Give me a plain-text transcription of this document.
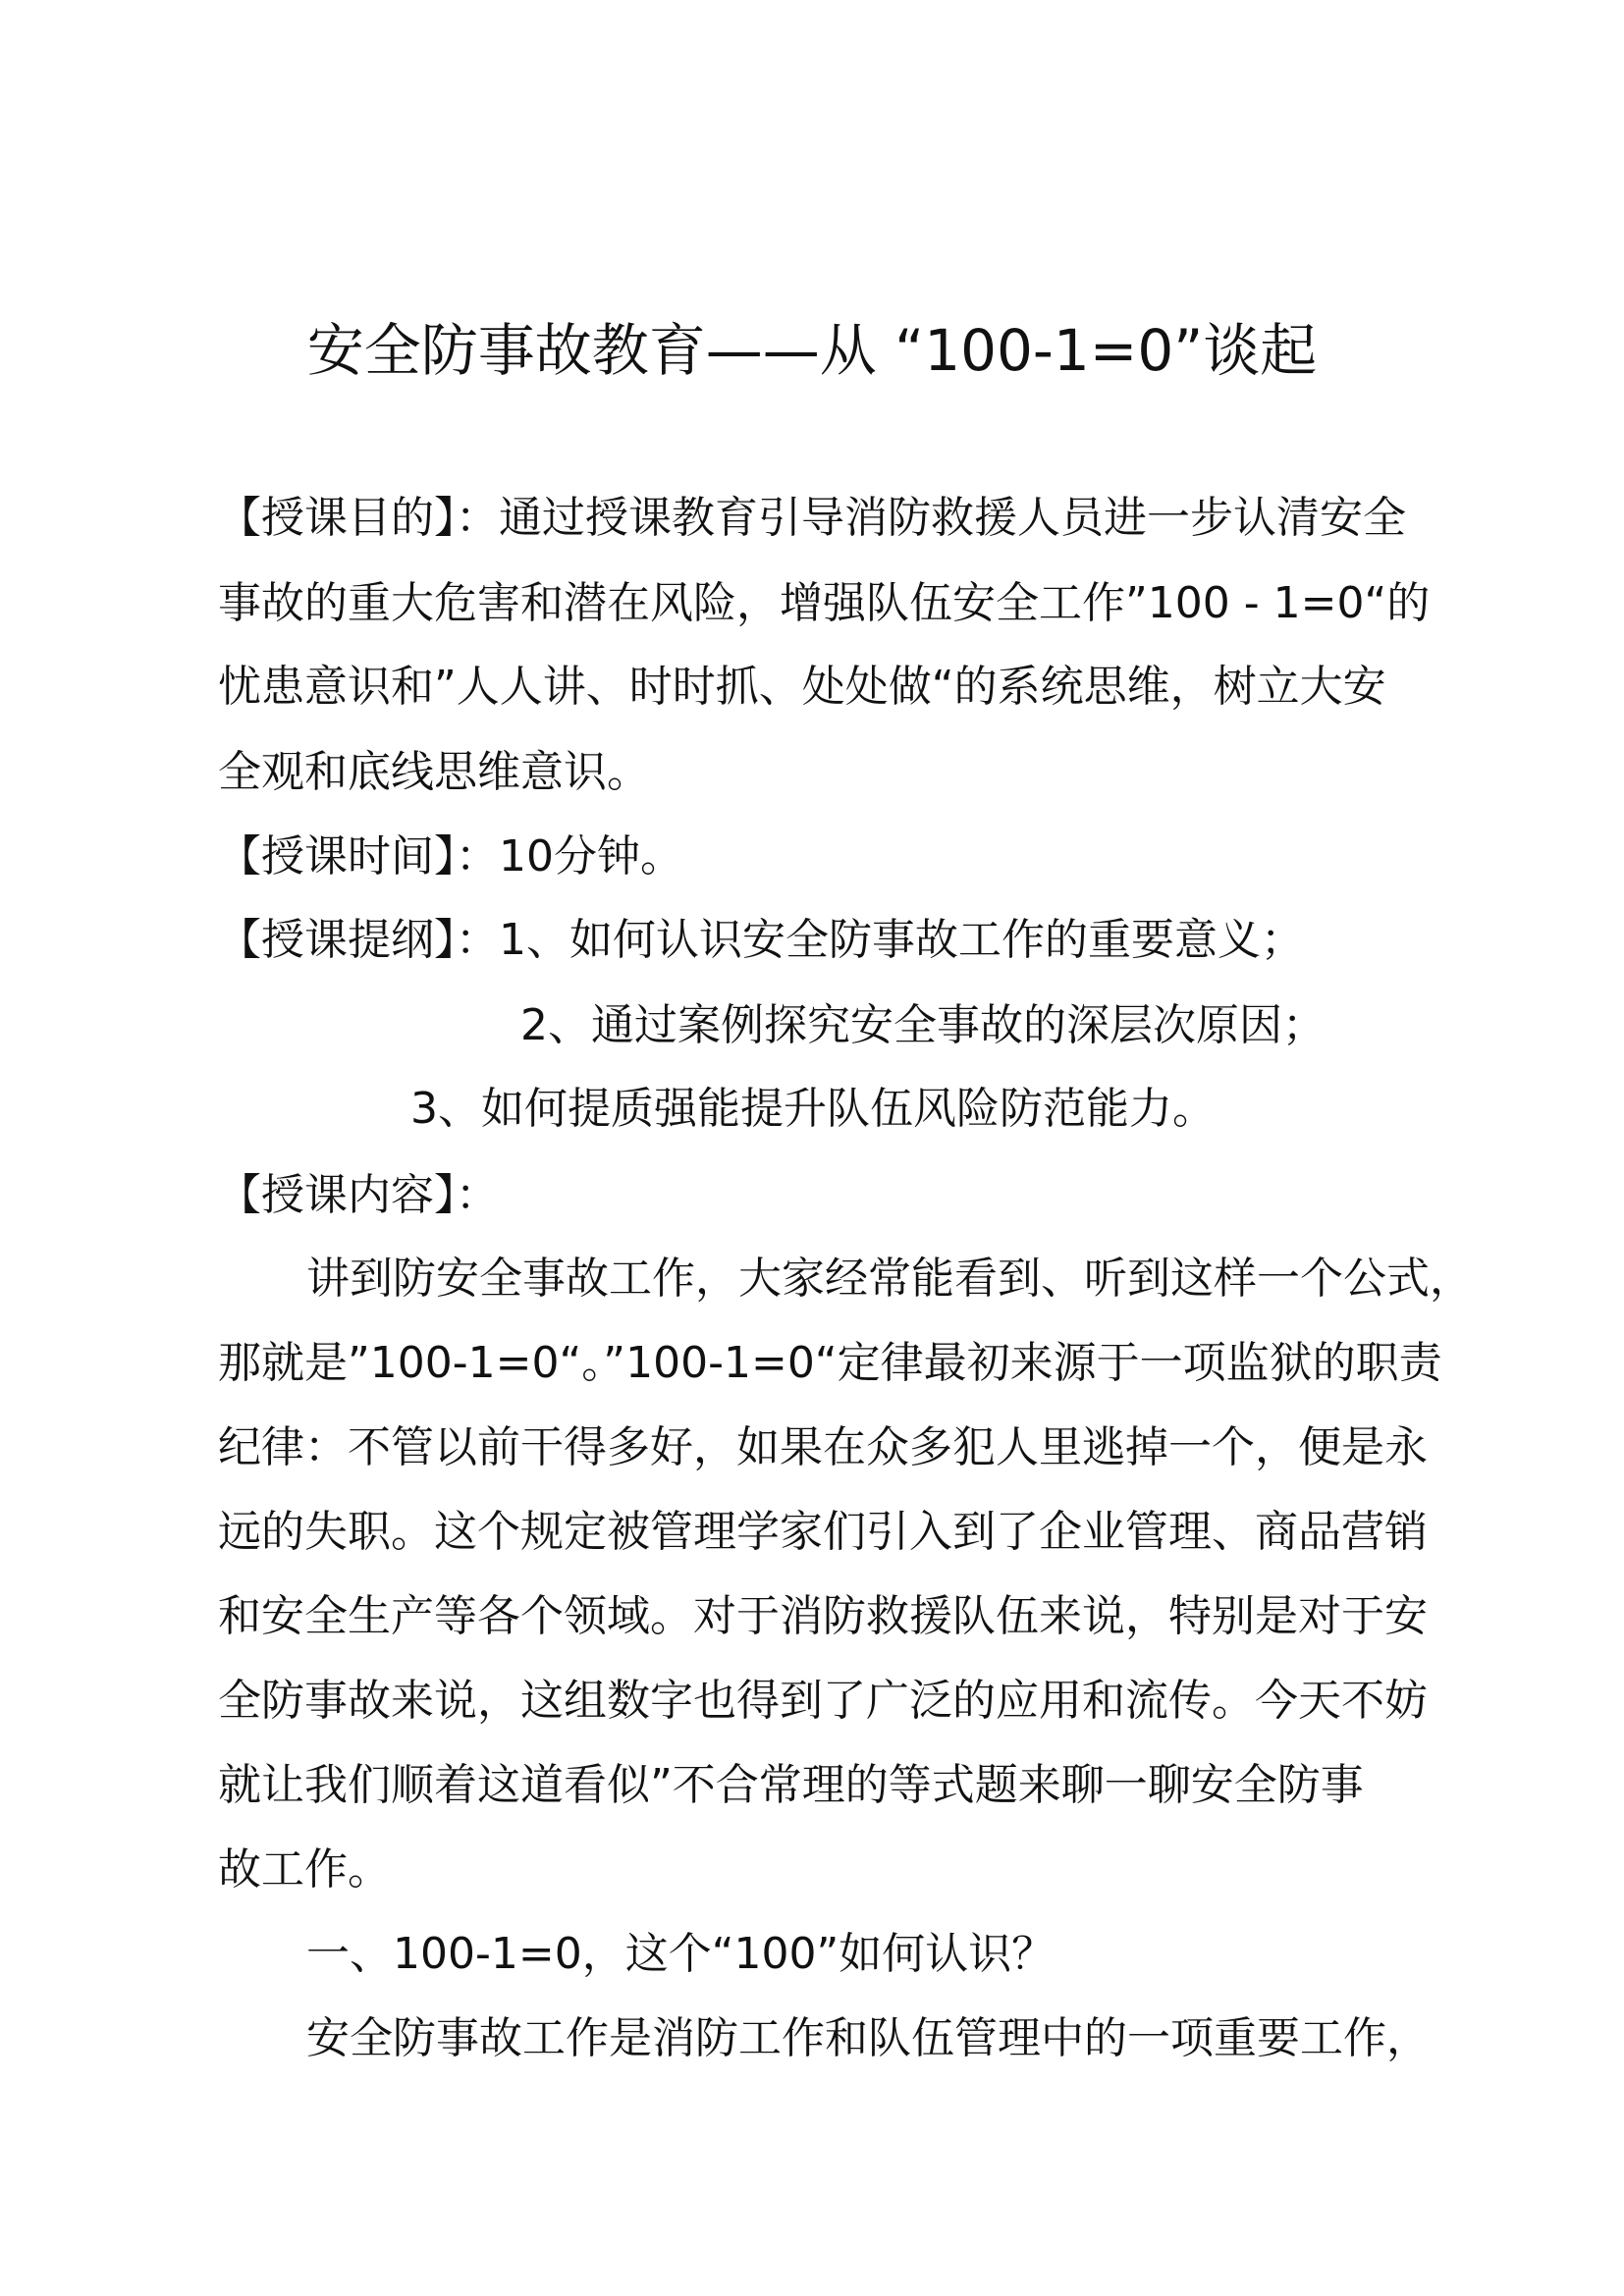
安全防事故教育——从 “100-1=0”谈起
【授课目的】：通过授课教育引导消防救援人员进一步认清安全
事故的重大危害和潜在风险，增强队伍安全工作”100 - 1=0“的
忧患意识和”人人讲、时时抓、处处做“的系统思维，树立大安
全观和底线思维意识。
【授课时间】：10分钟。
【授课提纲】：1、如何认识安全防事故工作的重要意义；
2、通过案例探究安全事故的深层次原因；
3、如何提质强能提升队伍风险防范能力。
【授课内容】：
讲到防安全事故工作，大家经常能看到、听到这样一个公式，
那就是”100-1=0“。”100-1=0“定律最初来源于一项监狱的职责
纪律：不管以前干得多好，如果在众多犯人里逃掉一个，便是永
远的失职。这个规定被管理学家们引入到了企业管理、商品营销
和安全生产等各个领域。对于消防救援队伍来说，特别是对于安
全防事故来说，这组数字也得到了广泛的应用和流传。今天不妨
就让我们顺着这道看似”不合常理的等式题来聊一聊安全防事
故工作。
一、100-1=0，这个“100”如何认识？
安全防事故工作是消防工作和队伍管理中的一项重要工作，
